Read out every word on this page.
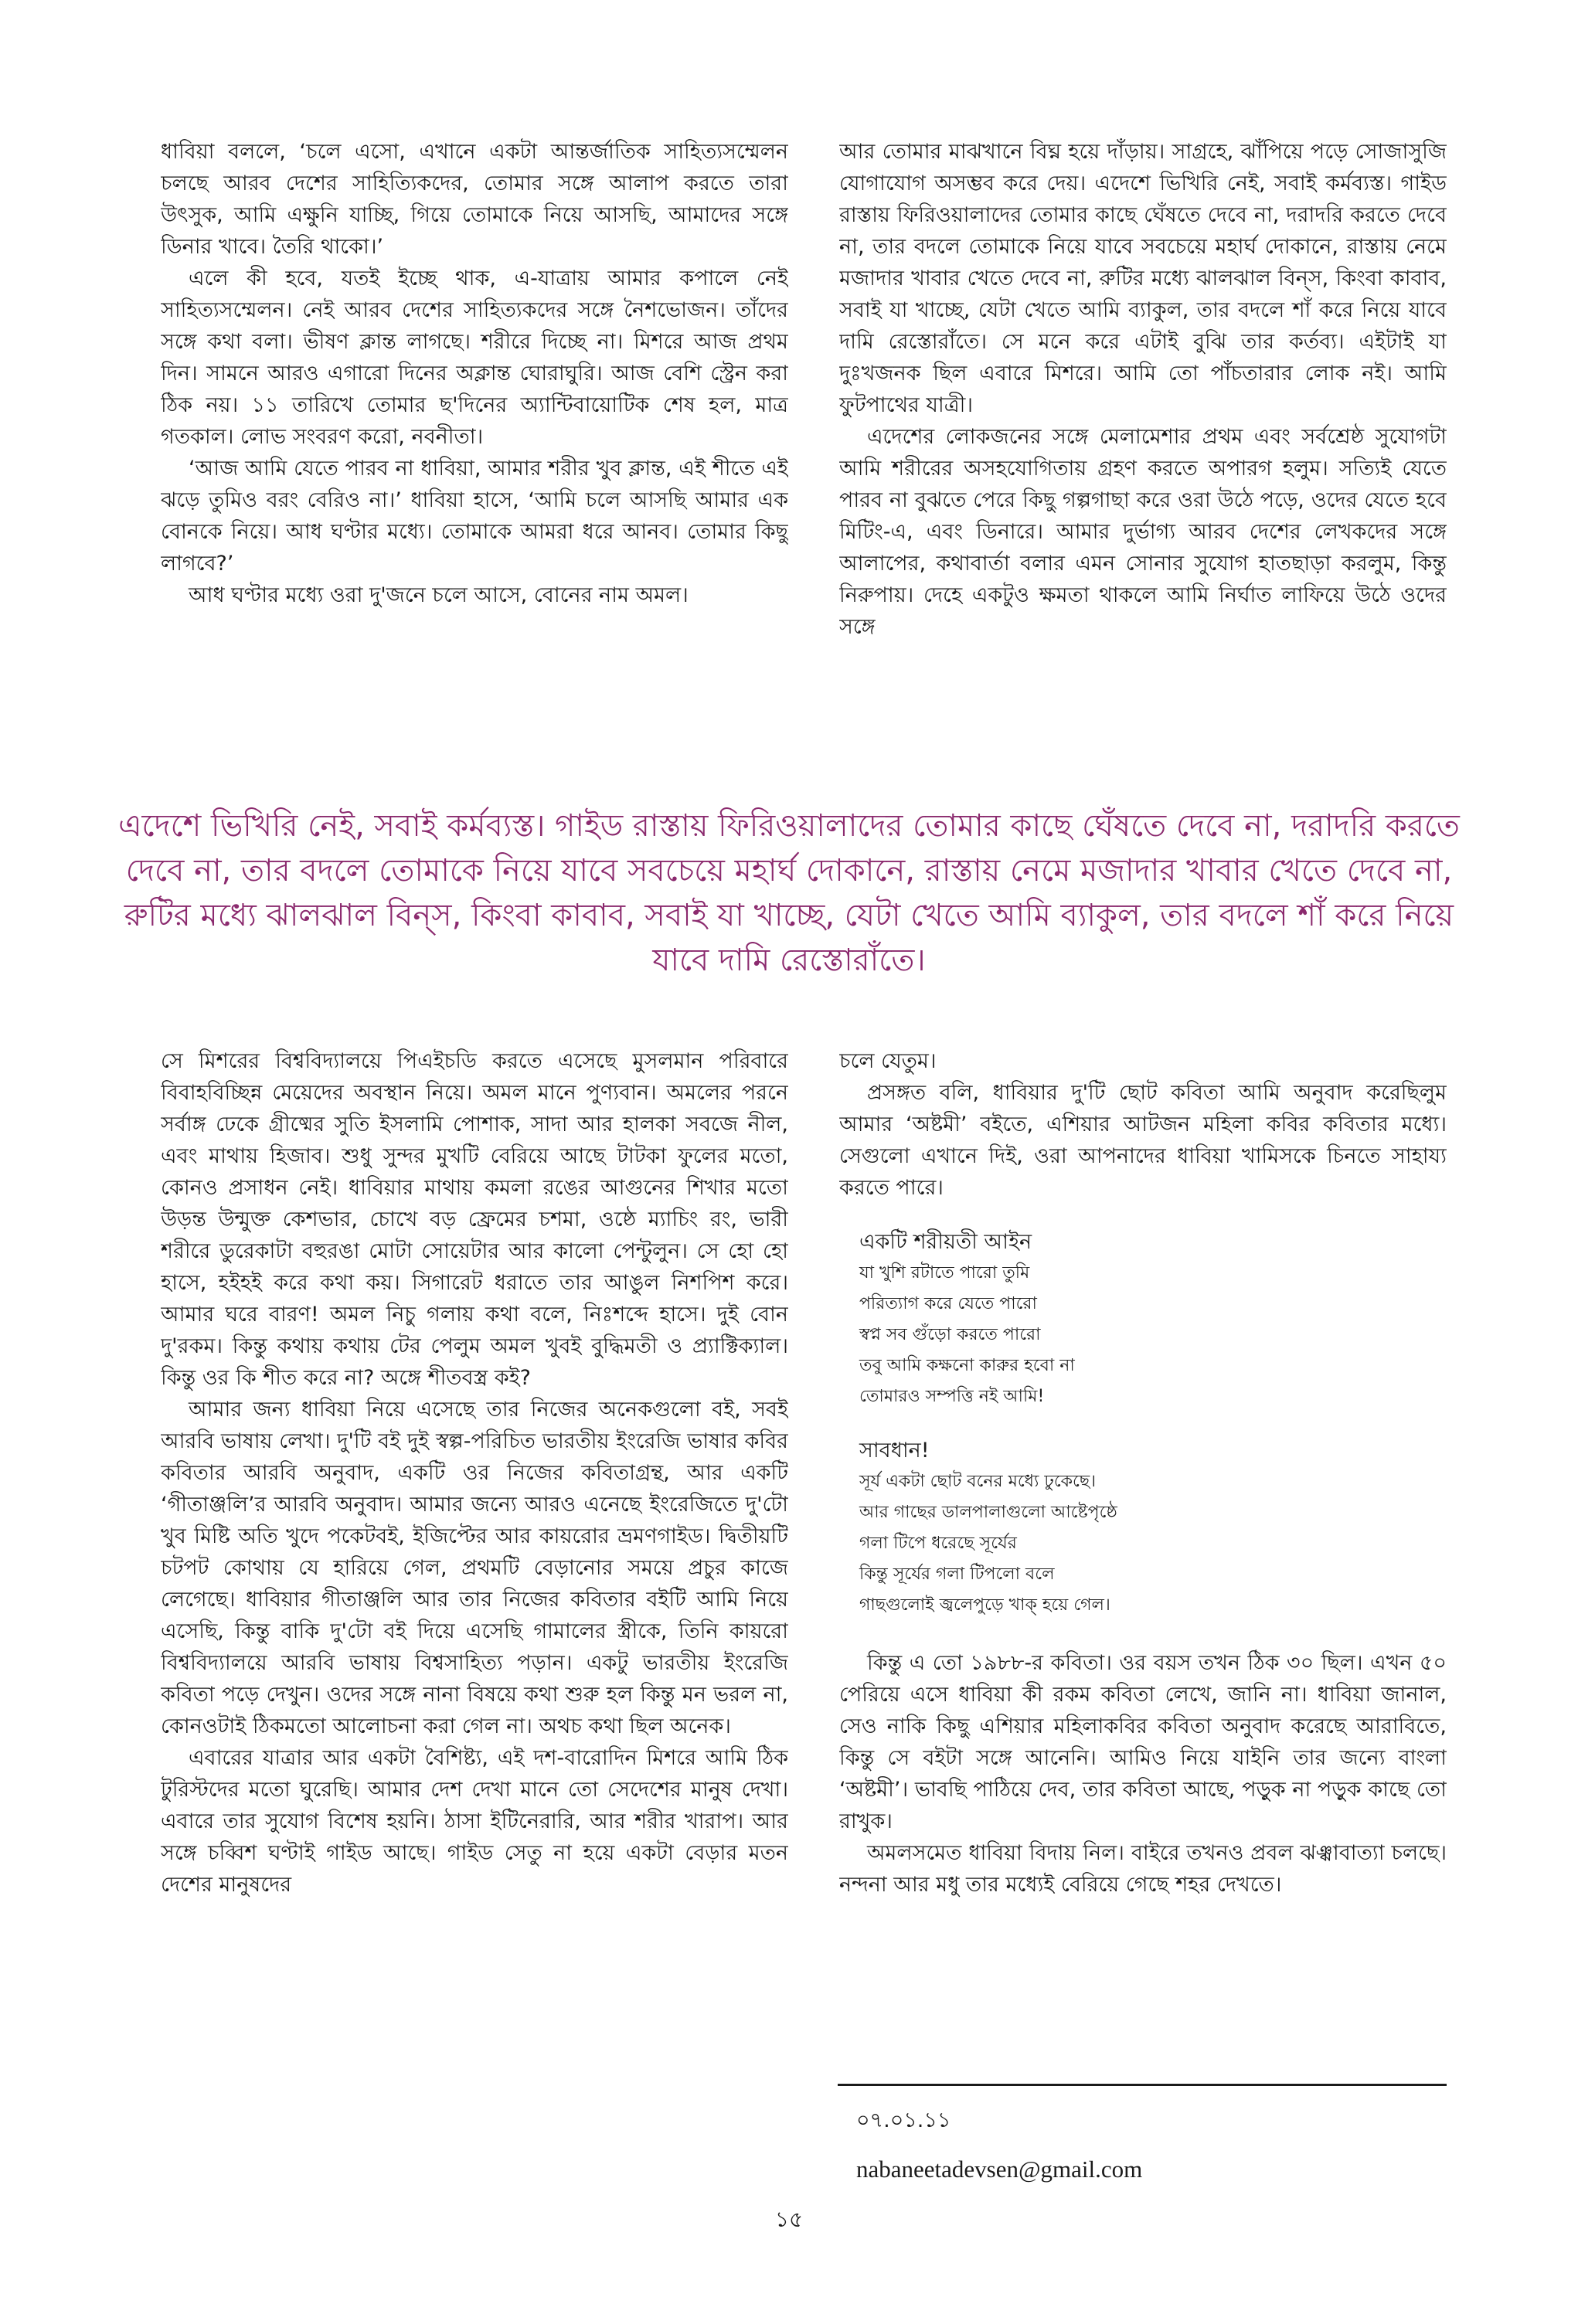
ধাবিয়া বললে, ‘চলে এসো, এখানে একটা আন্তর্জাতিক সাহিত্যসম্মেলন চলছে আরব দেশের সাহিত্যিকদের, তোমার সঙ্গে আলাপ করতে তারা উৎসুক, আমি এক্ষুনি যাচ্ছি, গিয়ে তোমাকে নিয়ে আসছি, আমাদের সঙ্গে ডিনার খাবে। তৈরি থাকো।’

এলে কী হবে, যতই ইচ্ছে থাক, এ-যাত্রায় আমার কপালে নেই সাহিত্যসম্মেলন। নেই আরব দেশের সাহিত্যকদের সঙ্গে নৈশভোজন। তাঁদের সঙ্গে কথা বলা। ভীষণ ক্লান্ত লাগছে। শরীরে দিচ্ছে না। মিশরে আজ প্রথম দিন। সামনে আরও এগারো দিনের অক্লান্ত ঘোরাঘুরি। আজ বেশি স্ট্রেন করা ঠিক নয়। ১১ তারিখে তোমার ছ'দিনের অ্যান্টিবায়োটিক শেষ হল, মাত্র গতকাল। লোভ সংবরণ করো, নবনীতা।

‘আজ আমি যেতে পারব না ধাবিয়া, আমার শরীর খুব ক্লান্ত, এই শীতে এই ঝড়ে তুমিও বরং বেরিও না।’ ধাবিয়া হাসে, ‘আমি চলে আসছি আমার এক বোনকে নিয়ে। আধ ঘণ্টার মধ্যে। তোমাকে আমরা ধরে আনব। তোমার কিছু লাগবে?’

আধ ঘণ্টার মধ্যে ওরা দু'জনে চলে আসে, বোনের নাম অমল।

আর তোমার মাঝখানে বিঘ্ন হয়ে দাঁড়ায়। সাগ্রহে, ঝাঁপিয়ে পড়ে সোজাসুজি যোগাযোগ অসম্ভব করে দেয়। এদেশে ভিখিরি নেই, সবাই কর্মব্যস্ত। গাইড রাস্তায় ফিরিওয়ালাদের তোমার কাছে ঘেঁষতে দেবে না, দরাদরি করতে দেবে না, তার বদলে তোমাকে নিয়ে যাবে সবচেয়ে মহার্ঘ দোকানে, রাস্তায় নেমে মজাদার খাবার খেতে দেবে না, রুটির মধ্যে ঝালঝাল বিন্‌স, কিংবা কাবাব, সবাই যা খাচ্ছে, যেটা খেতে আমি ব্যাকুল, তার বদলে শাঁ করে নিয়ে যাবে দামি রেস্তোরাঁতে। সে মনে করে এটাই বুঝি তার কর্তব্য। এইটাই যা দুঃখজনক ছিল এবারে মিশরে। আমি তো পাঁচতারার লোক নই। আমি ফুটপাথের যাত্রী।

এদেশের লোকজনের সঙ্গে মেলামেশার প্রথম এবং সর্বশ্রেষ্ঠ সুযোগটা আমি শরীরের অসহযোগিতায় গ্রহণ করতে অপারগ হলুম। সত্যিই যেতে পারব না বুঝতে পেরে কিছু গল্পগাছা করে ওরা উঠে পড়ে, ওদের যেতে হবে মিটিং-এ, এবং ডিনারে। আমার দুর্ভাগ্য আরব দেশের লেখকদের সঙ্গে আলাপের, কথাবার্তা বলার এমন সোনার সুযোগ হাতছাড়া করলুম, কিন্তু নিরুপায়। দেহে একটুও ক্ষমতা থাকলে আমি নির্ঘাত লাফিয়ে উঠে ওদের সঙ্গে

এদেশে ভিখিরি নেই, সবাই কর্মব্যস্ত। গাইড রাস্তায় ফিরিওয়ালাদের তোমার কাছে ঘেঁষতে দেবে না, দরাদরি করতে দেবে না, তার বদলে তোমাকে নিয়ে যাবে সবচেয়ে মহার্ঘ দোকানে, রাস্তায় নেমে মজাদার খাবার খেতে দেবে না, রুটির মধ্যে ঝালঝাল বিন্‌স, কিংবা কাবাব, সবাই যা খাচ্ছে, যেটা খেতে আমি ব্যাকুল, তার বদলে শাঁ করে নিয়ে যাবে দামি রেস্তোরাঁতে।

সে মিশরের বিশ্ববিদ্যালয়ে পিএইচডি করতে এসেছে মুসলমান পরিবারে বিবাহবিচ্ছিন্ন মেয়েদের অবস্থান নিয়ে। অমল মানে পুণ্যবান। অমলের পরনে সর্বাঙ্গ ঢেকে গ্রীষ্মের সুতি ইসলামি পোশাক, সাদা আর হালকা সবজে নীল, এবং মাথায় হিজাব। শুধু সুন্দর মুখটি বেরিয়ে আছে টাটকা ফুলের মতো, কোনও প্রসাধন নেই। ধাবিয়ার মাথায় কমলা রঙের আগুনের শিখার মতো উড়ন্ত উন্মুক্ত কেশভার, চোখে বড় ফ্রেমের চশমা, ওষ্ঠে ম্যাচিং রং, ভারী শরীরে ডুরেকাটা বহুরঙা মোটা সোয়েটার আর কালো পেন্টুলুন। সে হো হো হাসে, হইহই করে কথা কয়। সিগারেট ধরাতে তার আঙুল নিশপিশ করে। আমার ঘরে বারণ! অমল নিচু গলায় কথা বলে, নিঃশব্দে হাসে। দুই বোন দু'রকম। কিন্তু কথায় কথায় টের পেলুম অমল খুবই বুদ্ধিমতী ও প্র্যাক্টিক্যাল। কিন্তু ওর কি শীত করে না? অঙ্গে শীতবস্ত্র কই?

আমার জন্য ধাবিয়া নিয়ে এসেছে তার নিজের অনেকগুলো বই, সবই আরবি ভাষায় লেখা। দু'টি বই দুই স্বল্প-পরিচিত ভারতীয় ইংরেজি ভাষার কবির কবিতার আরবি অনুবাদ, একটি ওর নিজের কবিতাগ্রন্থ, আর একটি ‘গীতাঞ্জলি’র আরবি অনুবাদ। আমার জন্যে আরও এনেছে ইংরেজিতে দু'টো খুব মিষ্টি অতি খুদে পকেটবই, ইজিপ্টের আর কায়রোর ভ্রমণগাইড। দ্বিতীয়টি চটপট কোথায় যে হারিয়ে গেল, প্রথমটি বেড়ানোর সময়ে প্রচুর কাজে লেগেছে। ধাবিয়ার গীতাঞ্জলি আর তার নিজের কবিতার বইটি আমি নিয়ে এসেছি, কিন্তু বাকি দু'টো বই দিয়ে এসেছি গামালের স্ত্রীকে, তিনি কায়রো বিশ্ববিদ্যালয়ে আরবি ভাষায় বিশ্বসাহিত্য পড়ান। একটু ভারতীয় ইংরেজি কবিতা পড়ে দেখুন। ওদের সঙ্গে নানা বিষয়ে কথা শুরু হল কিন্তু মন ভরল না, কোনওটাই ঠিকমতো আলোচনা করা গেল না। অথচ কথা ছিল অনেক।

এবারের যাত্রার আর একটা বৈশিষ্ট্য, এই দশ-বারোদিন মিশরে আমি ঠিক টুরিস্টদের মতো ঘুরেছি। আমার দেশ দেখা মানে তো সেদেশের মানুষ দেখা। এবারে তার সুযোগ বিশেষ হয়নি। ঠাসা ইটিনেরারি, আর শরীর খারাপ। আর সঙ্গে চব্বিশ ঘণ্টাই গাইড আছে। গাইড সেতু না হয়ে একটা বেড়ার মতন দেশের মানুষদের

চলে যেতুম।

প্রসঙ্গত বলি, ধাবিয়ার দু'টি ছোট কবিতা আমি অনুবাদ করেছিলুম আমার ‘অষ্টমী’ বইতে, এশিয়ার আটজন মহিলা কবির কবিতার মধ্যে। সেগুলো এখানে দিই, ওরা আপনাদের ধাবিয়া খামিসকে চিনতে সাহায্য করতে পারে।

একটি শরীয়তী আইন
যা খুশি রটাতে পারো তুমি
পরিত্যাগ করে যেতে পারো
স্বপ্ন সব গুঁড়ো করতে পারো
তবু আমি কক্ষনো কারুর হবো না
তোমারও সম্পত্তি নই আমি!
সাবধান!
সূর্য একটা ছোট বনের মধ্যে ঢুকেছে।
আর গাছের ডালপালাগুলো আষ্টেপৃষ্ঠে
গলা টিপে ধরেছে সূর্যের
কিন্তু সূর্যের গলা টিপলো বলে
গাছগুলোই জ্বলেপুড়ে খাক্ হয়ে গেল।

কিন্তু এ তো ১৯৮৮-র কবিতা। ওর বয়স তখন ঠিক ৩০ ছিল। এখন ৫০ পেরিয়ে এসে ধাবিয়া কী রকম কবিতা লেখে, জানি না। ধাবিয়া জানাল, সেও নাকি কিছু এশিয়ার মহিলাকবির কবিতা অনুবাদ করেছে আরাবিতে, কিন্তু সে বইটা সঙ্গে আনেনি। আমিও নিয়ে যাইনি তার জন্যে বাংলা ‘অষ্টমী’। ভাবছি পাঠিয়ে দেব, তার কবিতা আছে, পড়ুক না পড়ুক কাছে তো রাখুক।

অমলসমেত ধাবিয়া বিদায় নিল। বাইরে তখনও প্রবল ঝঞ্ঝাবাত্যা চলছে। নন্দনা আর মধু তার মধ্যেই বেরিয়ে গেছে শহর দেখতে।

০৭.০১.১১
nabaneetadevsen@gmail.com
১৫
